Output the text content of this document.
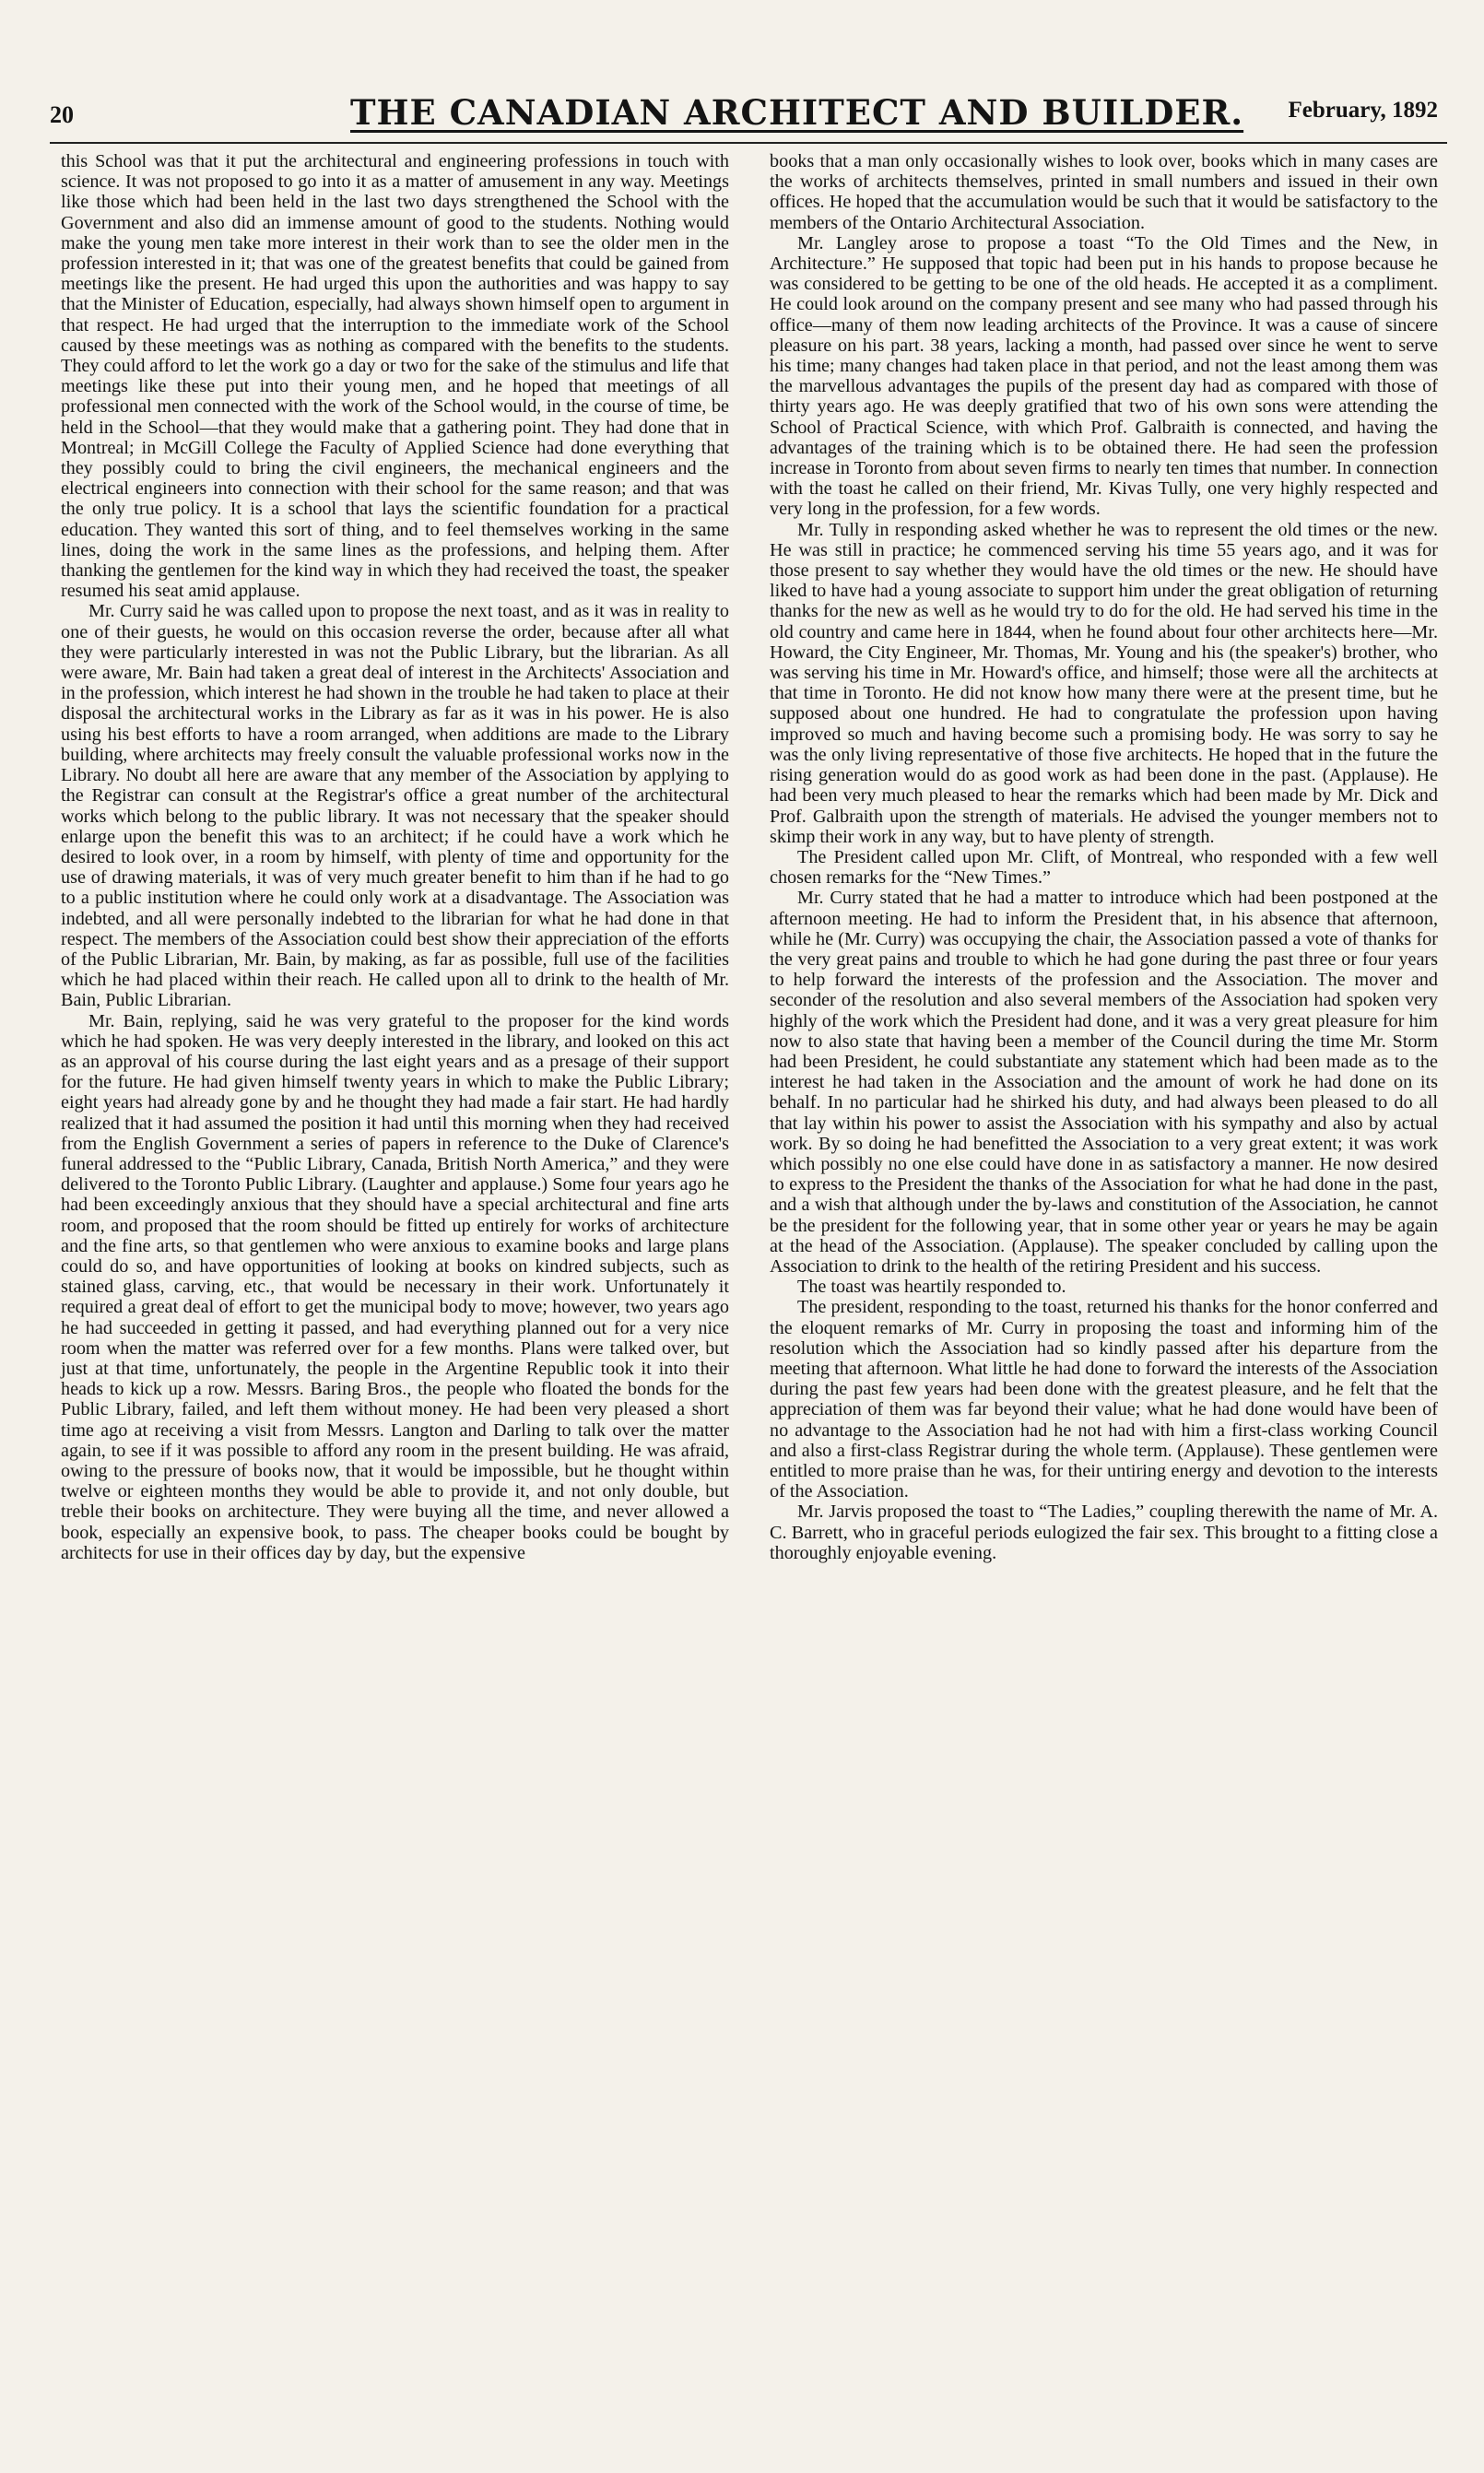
20	THE CANADIAN ARCHITECT AND BUILDER. February, 1892

this School was that it put the architectural and engineering professions in touch with science. It was not proposed to go into it as a matter of amusement in any way. Meetings like those which had been held in the last two days strengthened the School with the Government and also did an immense amount of good to the students. Nothing would make the young men take more interest in their work than to see the older men in the profession interested in it; that was one of the greatest benefits that could be gained from meetings like the present. He had urged this upon the authorities and was happy to say that the Minister of Education, especially, had always shown himself open to argument in that respect. He had urged that the interruption to the immediate work of the School caused by these meetings was as nothing as compared with the benefits to the students. They could afford to let the work go a day or two for the sake of the stimulus and life that meetings like these put into their young men, and he hoped that meetings of all professional men connected with the work of the School would, in the course of time, be held in the School—that they would make that a gathering point. They had done that in Montreal; in McGill College the Faculty of Applied Science had done everything that they possibly could to bring the civil engineers, the mechanical engineers and the electrical engineers into connection with their school for the same reason; and that was the only true policy. It is a school that lays the scientific foundation for a practical education. They wanted this sort of thing, and to feel themselves working in the same lines, doing the work in the same lines as the professions, and helping them. After thanking the gentlemen for the kind way in which they had received the toast, the speaker resumed his seat amid applause.

Mr. Curry said he was called upon to propose the next toast, and as it was in reality to one of their guests, he would on this occasion reverse the order, because after all what they were particularly interested in was not the Public Library, but the librarian. As all were aware, Mr. Bain had taken a great deal of interest in the Architects' Association and in the profession, which interest he had shown in the trouble he had taken to place at their disposal the architectural works in the Library as far as it was in his power. He is also using his best efforts to have a room arranged, when additions are made to the Library building, where architects may freely consult the valuable professional works now in the Library. No doubt all here are aware that any member of the Association by applying to the Registrar can consult at the Registrar's office a great number of the architectural works which belong to the public library. It was not necessary that the speaker should enlarge upon the benefit this was to an architect; if he could have a work which he desired to look over, in a room by himself, with plenty of time and opportunity for the use of drawing materials, it was of very much greater benefit to him than if he had to go to a public institution where he could only work at a disadvantage. The Association was indebted, and all were personally indebted to the librarian for what he had done in that respect. The members of the Association could best show their appreciation of the efforts of the Public Librarian, Mr. Bain, by making, as far as possible, full use of the facilities which he had placed within their reach. He called upon all to drink to the health of Mr. Bain, Public Librarian.

Mr. Bain, replying, said he was very grateful to the proposer for the kind words which he had spoken. He was very deeply interested in the library, and looked on this act as an approval of his course during the last eight years and as a presage of their support for the future. He had given himself twenty years in which to make the Public Library; eight years had already gone by and he thought they had made a fair start. He had hardly realized that it had assumed the position it had until this morning when they had received from the English Government a series of papers in reference to the Duke of Clarence's funeral addressed to the “Public Library, Canada, British North America,” and they were delivered to the Toronto Public Library. (Laughter and applause.) Some four years ago he had been exceedingly anxious that they should have a special architectural and fine arts room, and proposed that the room should be fitted up entirely for works of architecture and the fine arts, so that gentlemen who were anxious to examine books and large plans could do so, and have opportunities of looking at books on kindred subjects, such as stained glass, carving, etc., that would be necessary in their work. Unfortunately it required a great deal of effort to get the municipal body to move; however, two years ago he had succeeded in getting it passed, and had everything planned out for a very nice room when the matter was referred over for a few months. Plans were talked over, but just at that time, unfortunately, the people in the Argentine Republic took it into their heads to kick up a row. Messrs. Baring Bros., the people who floated the bonds for the Public Library, failed, and left them without money. He had been very pleased a short time ago at receiving a visit from Messrs. Langton and Darling to talk over the matter again, to see if it was possible to afford any room in the present building. He was afraid, owing to the pressure of books now, that it would be impossible, but he thought within twelve or eighteen months they would be able to provide it, and not only double, but treble their books on architecture. They were buying all the time, and never allowed a book, especially an expensive book, to pass. The cheaper books could be bought by architects for use in their offices day by day, but the expensive

books that a man only occasionally wishes to look over, books which in many cases are the works of architects themselves, printed in small numbers and issued in their own offices. He hoped that the accumulation would be such that it would be satisfactory to the members of the Ontario Architectural Association.

Mr. Langley arose to propose a toast “To the Old Times and the New, in Architecture.” He supposed that topic had been put in his hands to propose because he was considered to be getting to be one of the old heads. He accepted it as a compliment. He could look around on the company present and see many who had passed through his office—many of them now leading architects of the Province. It was a cause of sincere pleasure on his part. 38 years, lacking a month, had passed over since he went to serve his time; many changes had taken place in that period, and not the least among them was the marvellous advantages the pupils of the present day had as compared with those of thirty years ago. He was deeply gratified that two of his own sons were attending the School of Practical Science, with which Prof. Galbraith is connected, and having the advantages of the training which is to be obtained there. He had seen the profession increase in Toronto from about seven firms to nearly ten times that number. In connection with the toast he called on their friend, Mr. Kivas Tully, one very highly respected and very long in the profession, for a few words.

Mr. Tully in responding asked whether he was to represent the old times or the new. He was still in practice; he commenced serving his time 55 years ago, and it was for those present to say whether they would have the old times or the new. He should have liked to have had a young associate to support him under the great obligation of returning thanks for the new as well as he would try to do for the old. He had served his time in the old country and came here in 1844, when he found about four other architects here—Mr. Howard, the City Engineer, Mr. Thomas, Mr. Young and his (the speaker's) brother, who was serving his time in Mr. Howard's office, and himself; those were all the architects at that time in Toronto. He did not know how many there were at the present time, but he supposed about one hundred. He had to congratulate the profession upon having improved so much and having become such a promising body. He was sorry to say he was the only living representative of those five architects. He hoped that in the future the rising generation would do as good work as had been done in the past. (Applause). He had been very much pleased to hear the remarks which had been made by Mr. Dick and Prof. Galbraith upon the strength of materials. He advised the younger members not to skimp their work in any way, but to have plenty of strength.

The President called upon Mr. Clift, of Montreal, who responded with a few well chosen remarks for the “New Times.”

Mr. Curry stated that he had a matter to introduce which had been postponed at the afternoon meeting. He had to inform the President that, in his absence that afternoon, while he (Mr. Curry) was occupying the chair, the Association passed a vote of thanks for the very great pains and trouble to which he had gone during the past three or four years to help forward the interests of the profession and the Association. The mover and seconder of the resolution and also several members of the Association had spoken very highly of the work which the President had done, and it was a very great pleasure for him now to also state that having been a member of the Council during the time Mr. Storm had been President, he could substantiate any statement which had been made as to the interest he had taken in the Association and the amount of work he had done on its behalf. In no particular had he shirked his duty, and had always been pleased to do all that lay within his power to assist the Association with his sympathy and also by actual work. By so doing he had benefitted the Association to a very great extent; it was work which possibly no one else could have done in as satisfactory a manner. He now desired to express to the President the thanks of the Association for what he had done in the past, and a wish that although under the by-laws and constitution of the Association, he cannot be the president for the following year, that in some other year or years he may be again at the head of the Association. (Applause). The speaker concluded by calling upon the Association to drink to the health of the retiring President and his success.

The toast was heartily responded to.

The president, responding to the toast, returned his thanks for the honor conferred and the eloquent remarks of Mr. Curry in proposing the toast and informing him of the resolution which the Association had so kindly passed after his departure from the meeting that afternoon. What little he had done to forward the interests of the Association during the past few years had been done with the greatest pleasure, and he felt that the appreciation of them was far beyond their value; what he had done would have been of no advantage to the Association had he not had with him a first-class working Council and also a first-class Registrar during the whole term. (Applause). These gentlemen were entitled to more praise than he was, for their untiring energy and devotion to the interests of the Association.

Mr. Jarvis proposed the toast to “The Ladies,” coupling therewith the name of Mr. A. C. Barrett, who in graceful periods eulogized the fair sex. This brought to a fitting close a thoroughly enjoyable evening.
